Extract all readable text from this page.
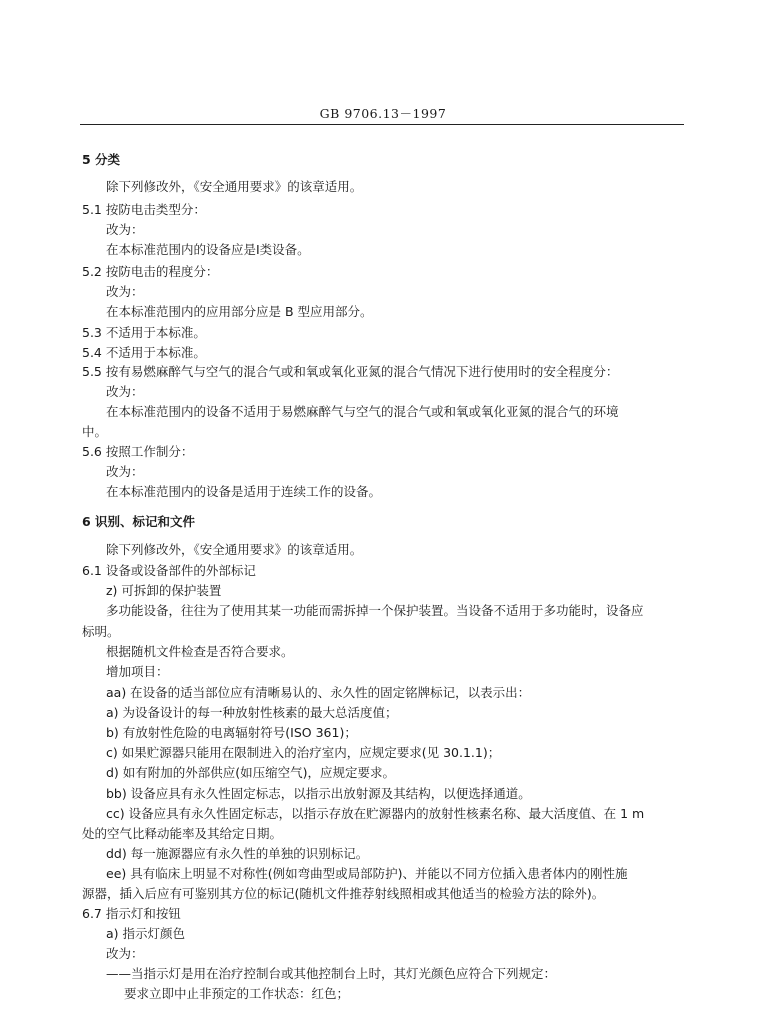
GB 9706.13－1997
5 分类
除下列修改外，《安全通用要求》的该章适用。
5.1 按防电击类型分：
改为：
在本标准范围内的设备应是Ⅰ类设备。
5.2 按防电击的程度分：
改为：
在本标准范围内的应用部分应是 B 型应用部分。
5.3 不适用于本标准。
5.4 不适用于本标准。
5.5 按有易燃麻醉气与空气的混合气或和氧或氧化亚氮的混合气情况下进行使用时的安全程度分：
改为：
在本标准范围内的设备不适用于易燃麻醉气与空气的混合气或和氧或氧化亚氮的混合气的环境
中。
5.6 按照工作制分：
改为：
在本标准范围内的设备是适用于连续工作的设备。
6 识别、标记和文件
除下列修改外，《安全通用要求》的该章适用。
6.1 设备或设备部件的外部标记
z) 可拆卸的保护装置
多功能设备，往往为了使用其某一功能而需拆掉一个保护装置。当设备不适用于多功能时，设备应
标明。
根据随机文件检查是否符合要求。
增加项目：
aa) 在设备的适当部位应有清晰易认的、永久性的固定铭牌标记，以表示出：
a) 为设备设计的每一种放射性核素的最大总活度值；
b) 有放射性危险的电离辐射符号(ISO 361)；
c) 如果贮源器只能用在限制进入的治疗室内，应规定要求(见 30.1.1)；
d) 如有附加的外部供应(如压缩空气)，应规定要求。
bb) 设备应具有永久性固定标志，以指示出放射源及其结构，以便选择通道。
cc) 设备应具有永久性固定标志，以指示存放在贮源器内的放射性核素名称、最大活度值、在 1 m
处的空气比释动能率及其给定日期。
dd) 每一施源器应有永久性的单独的识别标记。
ee) 具有临床上明显不对称性(例如弯曲型或局部防护)、并能以不同方位插入患者体内的刚性施
源器，插入后应有可鉴别其方位的标记(随机文件推荐射线照相或其他适当的检验方法的除外)。
6.7 指示灯和按钮
a) 指示灯颜色
改为：
——当指示灯是用在治疗控制台或其他控制台上时，其灯光颜色应符合下列规定：
要求立即中止非预定的工作状态：红色；
